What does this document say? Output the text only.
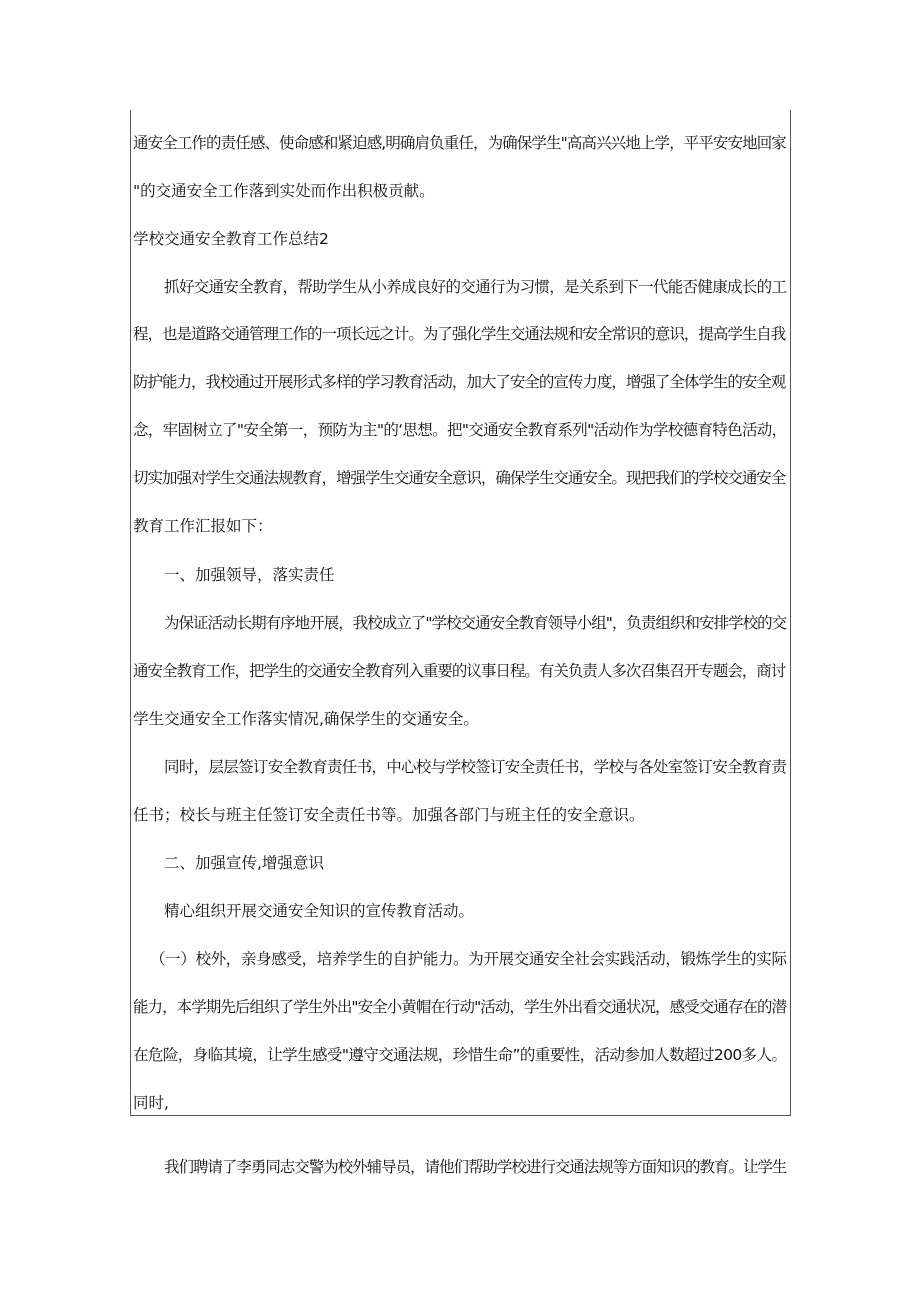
通安全工作的责任感、使命感和紧迫感,明确肩负重任，为确保学生"高高兴兴地上学，平平安安地回家
"的交通安全工作落到实处而作出积极贡献。
学校交通安全教育工作总结2
抓好交通安全教育，帮助学生从小养成良好的交通行为习惯，是关系到下一代能否健康成长的工
程，也是道路交通管理工作的一项长远之计。为了强化学生交通法规和安全常识的意识，提高学生自我
防护能力，我校通过开展形式多样的学习教育活动，加大了安全的宣传力度，增强了全体学生的安全观
念，牢固树立了"安全第一，预防为主"的‘思想。把"交通安全教育系列"活动作为学校德育特色活动，
切实加强对学生交通法规教育，增强学生交通安全意识，确保学生交通安全。现把我们的学校交通安全
教育工作汇报如下：
一、加强领导，落实责任
为保证活动长期有序地开展，我校成立了"学校交通安全教育领导小组"，负责组织和安排学校的交
通安全教育工作，把学生的交通安全教育列入重要的议事日程。有关负责人多次召集召开专题会，商讨
学生交通安全工作落实情况,确保学生的交通安全。
同时，层层签订安全教育责任书，中心校与学校签订安全责任书，学校与各处室签订安全教育责
任书；校长与班主任签订安全责任书等。加强各部门与班主任的安全意识。
二、加强宣传,增强意识
精心组织开展交通安全知识的宣传教育活动。
（一）校外，亲身感受，培养学生的自护能力。为开展交通安全社会实践活动，锻炼学生的实际
能力，本学期先后组织了学生外出"安全小黄帽在行动"活动，学生外出看交通状况，感受交通存在的潜
在危险，身临其境，让学生感受"遵守交通法规，珍惜生命”的重要性，活动参加人数超过200多人。
同时,
我们聘请了李勇同志交警为校外辅导员，请他们帮助学校进行交通法规等方面知识的教育。让学生
